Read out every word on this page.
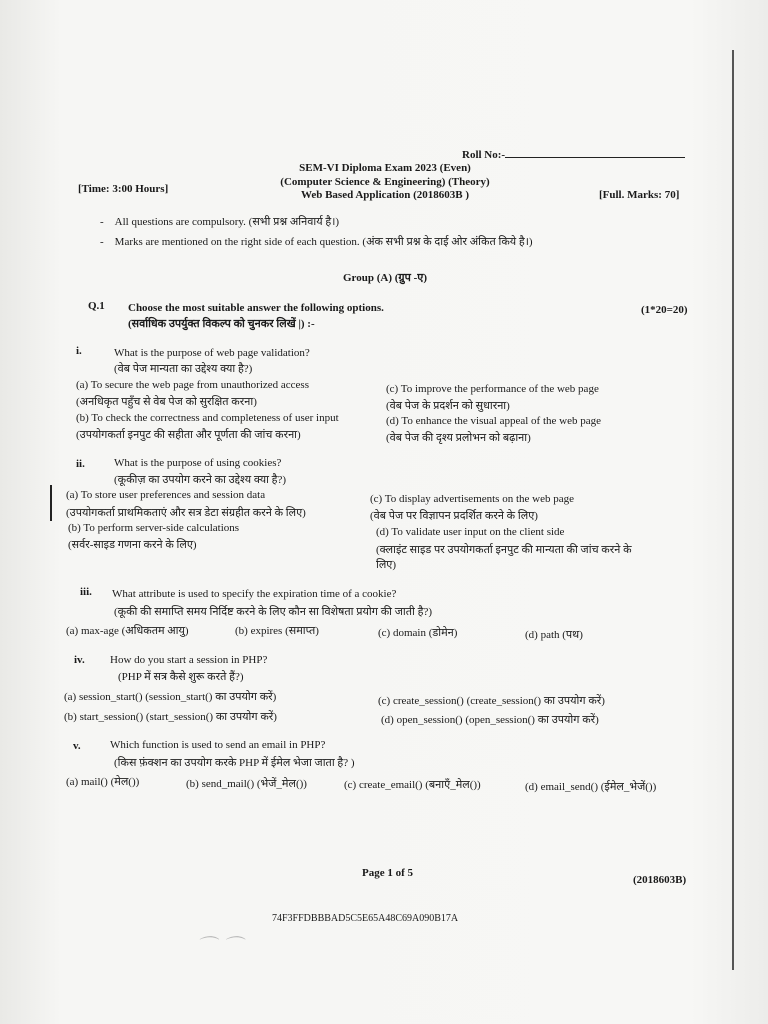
Roll No:-
SEM-VI Diploma Exam 2023 (Even)
(Computer Science & Engineering) (Theory)
Web Based Application (2018603B )
[Time: 3:00 Hours]	[Full. Marks: 70]
-    All questions are compulsory. (सभी प्रश्न अनिवार्य है।)
-    Marks are mentioned on the right side of each question. (अंक सभी प्रश्न के दाई ओर अंकित किये है।)
Group (A) (ग्रुप -ए)
Q.1 Choose the most suitable answer the following options.
(सर्वाधिक उपर्युक्त विकल्प को चुनकर लिखें |) :-
(1*20=20)
i.	What is the purpose of web page validation?
(वेब पेज मान्यता का उद्देश्य क्या है?)
(a) To secure the web page from unauthorized access
(अनधिकृत पहुँच से वेब पेज को सुरक्षित करना)
(b) To check the correctness and completeness of user input
(उपयोगकर्ता इनपुट की सहीता और पूर्णता की जांच करना)
(c) To improve the performance of the web page
(वेब पेज के प्रदर्शन को सुधारना)
(d) To enhance the visual appeal of the web page
(वेब पेज की दृश्य प्रलोभन को बढ़ाना)
ii.	What is the purpose of using cookies?
(कूकीज़ का उपयोग करने का उद्देश्य क्या है?)
(a) To store user preferences and session data
(उपयोगकर्ता प्राथमिकताएं और सत्र डेटा संग्रहीत करने के लिए)
(b) To perform server-side calculations
(सर्वर-साइड गणना करने के लिए)
(c) To display advertisements on the web page
(वेब पेज पर विज्ञापन प्रदर्शित करने के लिए)
(d) To validate user input on the client side
(क्लाइंट साइड पर उपयोगकर्ता इनपुट की मान्यता की जांच करने के
लिए)
iii. What attribute is used to specify the expiration time of a cookie?
(कूकी की समाप्ति समय निर्दिष्ट करने के लिए कौन सा विशेषता प्रयोग की जाती है?)
(a) max-age (अधिकतम आयु)	(b) expires (समाप्त)	(c) domain (डोमेन)	(d) path (पथ)
iv. How do you start a session in PHP?
(PHP में सत्र कैसे शुरू करते हैं?)
(a) session_start() (session_start() का उपयोग करें)
(b) start_session() (start_session() का उपयोग करें)
(c) create_session() (create_session() का उपयोग करें)
(d) open_session() (open_session() का उपयोग करें)
v.	Which function is used to send an email in PHP?
(किस फ़ंक्शन का उपयोग करके PHP में ईमेल भेजा जाता है? )
(a) mail() (मेल())	(b) send_mail() (भेजें_मेल())	(c) create_email() (बनाएँ_मेल())	(d) email_send() (ईमेल_भेजें())
Page 1 of 5
(2018603B)
74F3FFDBBBAD5C5E65A48C69A090B17A
⌒ ⌒
